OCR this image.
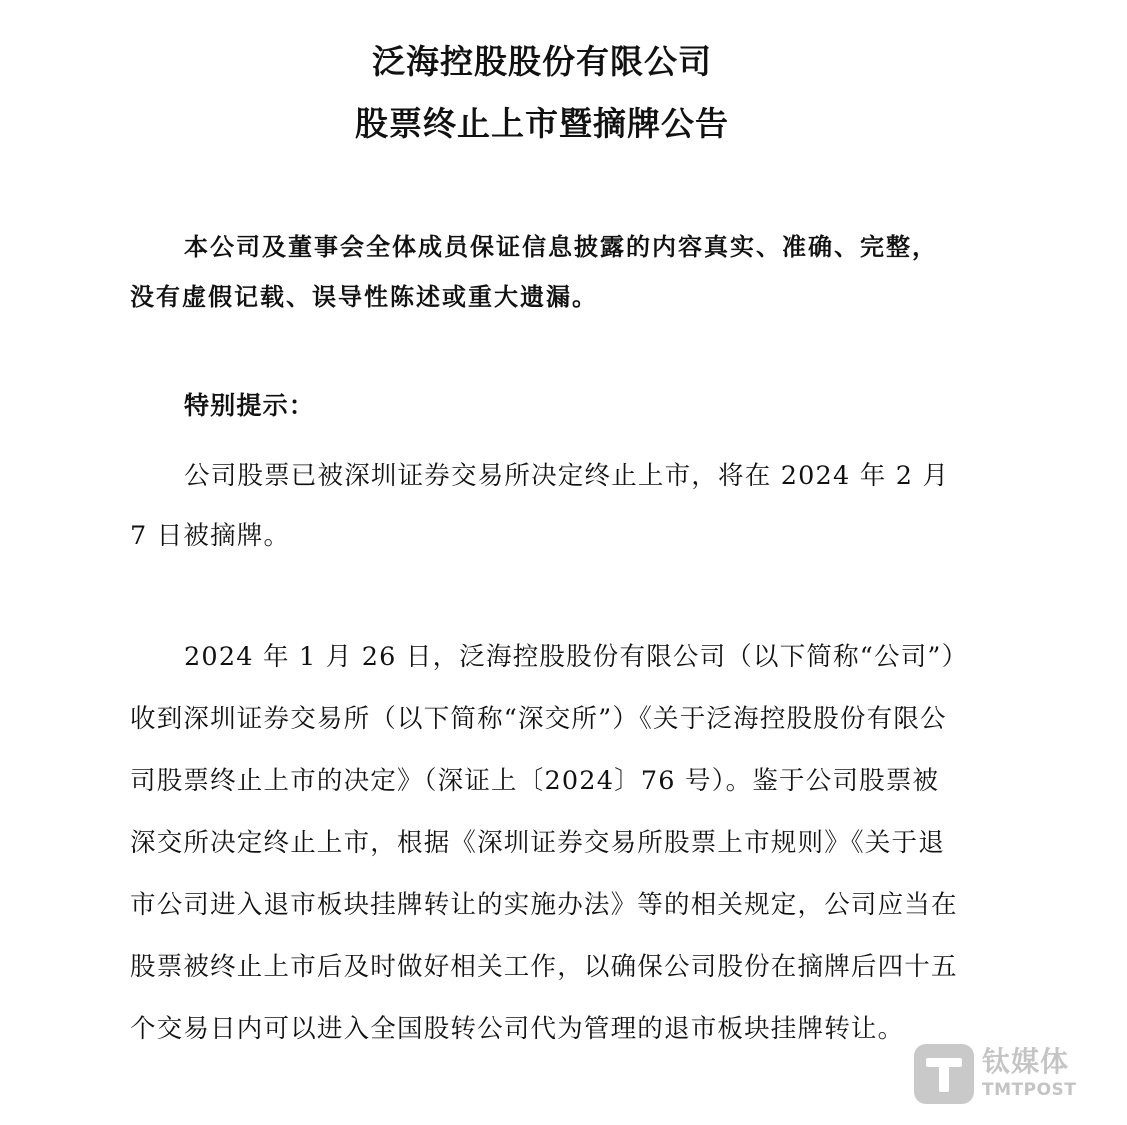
泛海控股股份有限公司
股票终止上市暨摘牌公告

本公司及董事会全体成员保证信息披露的内容真实、准确、完整，没有虚假记载、误导性陈述或重大遗漏。

特别提示：

公司股票已被深圳证券交易所决定终止上市，将在 2024 年 2 月 7 日被摘牌。

2024 年 1 月 26 日，泛海控股股份有限公司（以下简称“公司”）收到深圳证券交易所（以下简称“深交所”）《关于泛海控股股份有限公司股票终止上市的决定》（深证上〔2024〕76 号）。鉴于公司股票被深交所决定终止上市，根据《深圳证券交易所股票上市规则》《关于退市公司进入退市板块挂牌转让的实施办法》等的相关规定，公司应当在股票被终止上市后及时做好相关工作，以确保公司股份在摘牌后四十五个交易日内可以进入全国股转公司代为管理的退市板块挂牌转让。

钛媒体
TMTPOST
